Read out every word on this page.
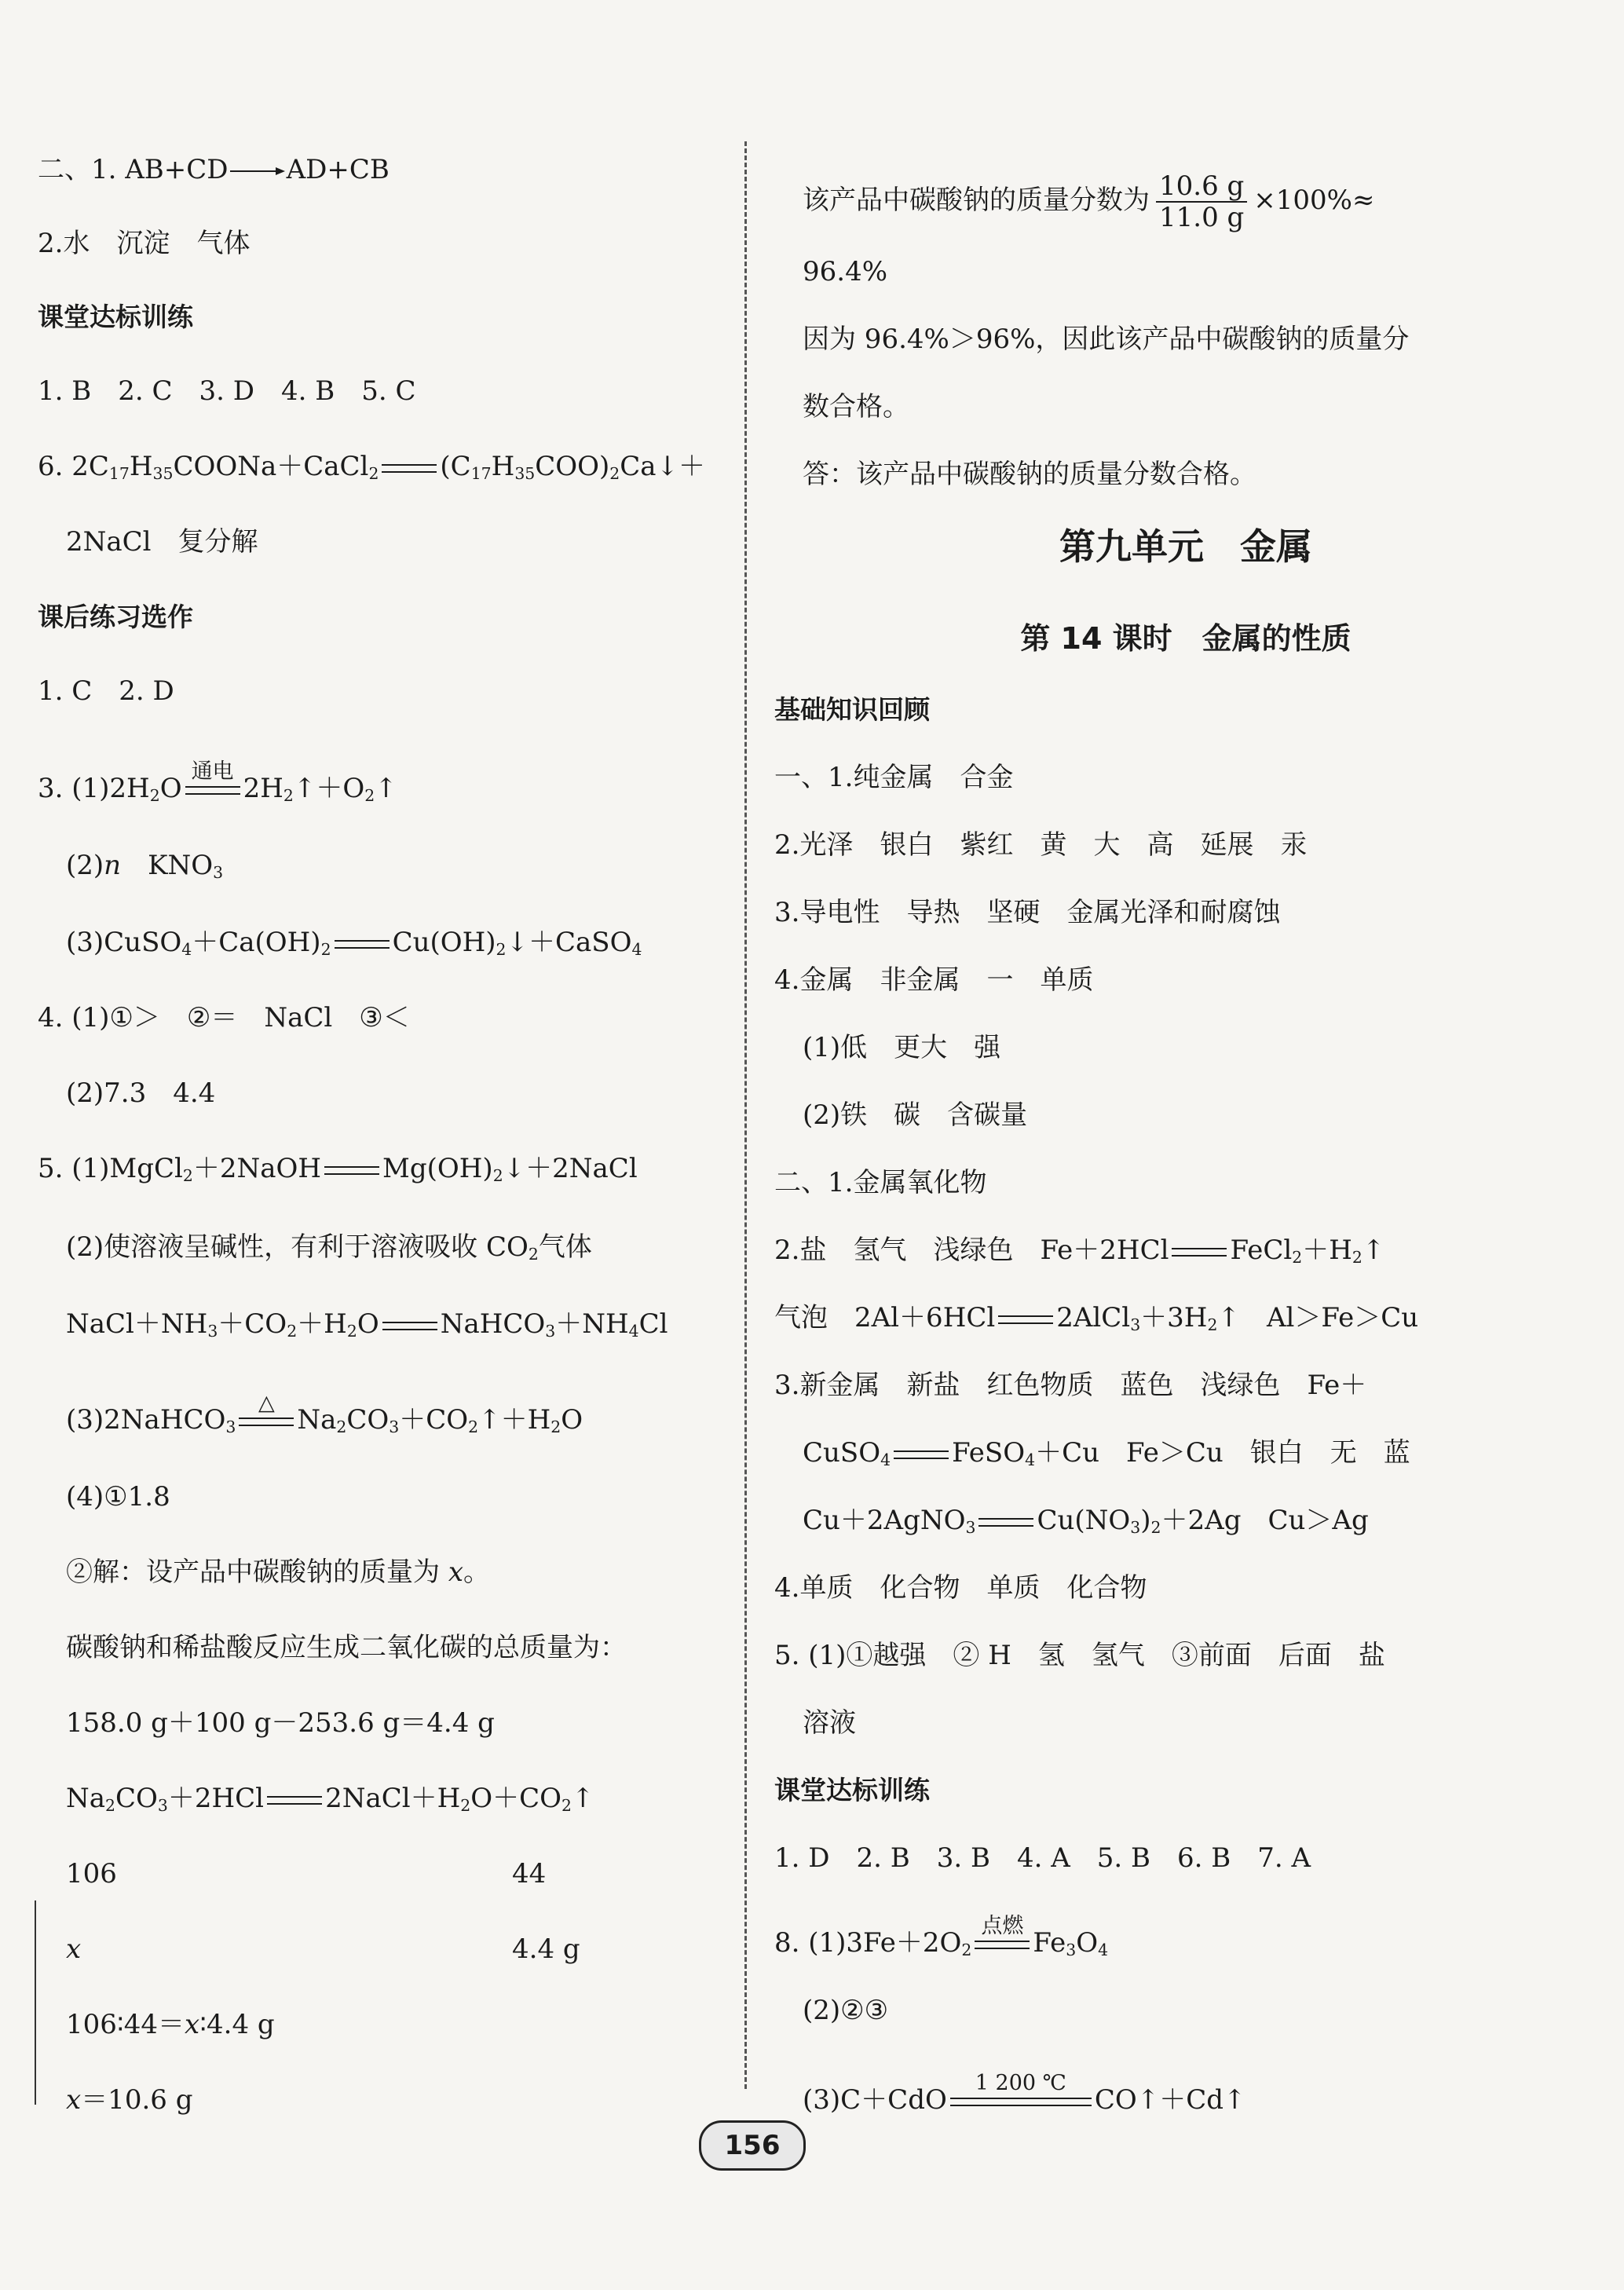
二、1. AB+CD AD+CB
2.水　沉淀　气体
课堂达标训练
1. B　2. C　3. D　4. B　5. C
6. $2C_{17}H_{35}COONa+CaCl_2$ $(C_{17}H_{35}COO)_2Ca↓+$
2NaCl　复分解
课后练习选作
1. C　2. D
3. $(1)2H_2O$
通电
$2H_2↑+O_2↑$
(2)n　 $KNO_3$
$(3)CuSO_4+Ca(OH)_2$ $Cu(OH)_2↓+CaSO_4$
4. (1)①＞　②＝　NaCl　③＜
(2)7.3　4.4
5. (1)MgCl$_2$＋2NaOH $Mg(OH)_2↓+2NaCl$
(2)使溶液呈碱性，有利于溶液吸收 $CO_2$气体
$NaCl+NH_3+CO_2+H_2O$ $NaHCO_3+NH_4Cl$
(3)2NaHCO$_3$
△
$Na_2CO_3+CO_2↑+H_2O$
(4)①1.8
②解：设产品中碳酸钠的质量为 x。
碳酸钠和稀盐酸反应生成二氧化碳的总质量为：
158.0 g＋100 g－253.6 g＝4.4 g
$Na_2CO_3+2HCl$ $2NaCl+H_2O+CO_2↑$
106	44
x	4.4 g
106∶44＝x∶4.4 g
x＝10.6 g
该产品中碳酸钠的质量分数为 $\frac{10.6 g}{11.0 g} \times 100\%\approx$
96.4%
因为 96.4%＞96%，因此该产品中碳酸钠的质量分
数合格。
答：该产品中碳酸钠的质量分数合格。
第九单元　金属
第 14 课时　金属的性质
基础知识回顾
一、1.纯金属　合金
2.光泽　银白　紫红　黄　大　高　延展　汞
3.导电性　导热　坚硬　金属光泽和耐腐蚀
4.金属　非金属　一　单质
(1)低　更大　强
(2)铁　碳　含碳量
二、1.金属氧化物
2.盐　氢气　浅绿色　Fe＋2HCl $FeCl_2+H_2↑$
气泡　2Al＋6HCl $2AlCl_3+3H_2↑$　Al＞Fe＞Cu
3.新金属　新盐　红色物质　蓝色　浅绿色　Fe＋
CuSO$_4$ FeSO$_4$＋Cu　Fe＞Cu　银白　无　蓝
Cu＋2AgNO$_3$ $Cu(NO_3)_2+2Ag$　Cu＞Ag
4.单质　化合物　单质　化合物
5. (1)①越强　② H　氢　氢气　③前面　后面　盐
溶液
课堂达标训练
1. D　2. B　3. B　4. A　5. B　6. B　7. A
8. $(1)3Fe+2O_2$
点燃
$Fe_3O_4$
(2)②③
(3)C＋CdO
1 200 ℃
CO↑＋Cd↑
156
